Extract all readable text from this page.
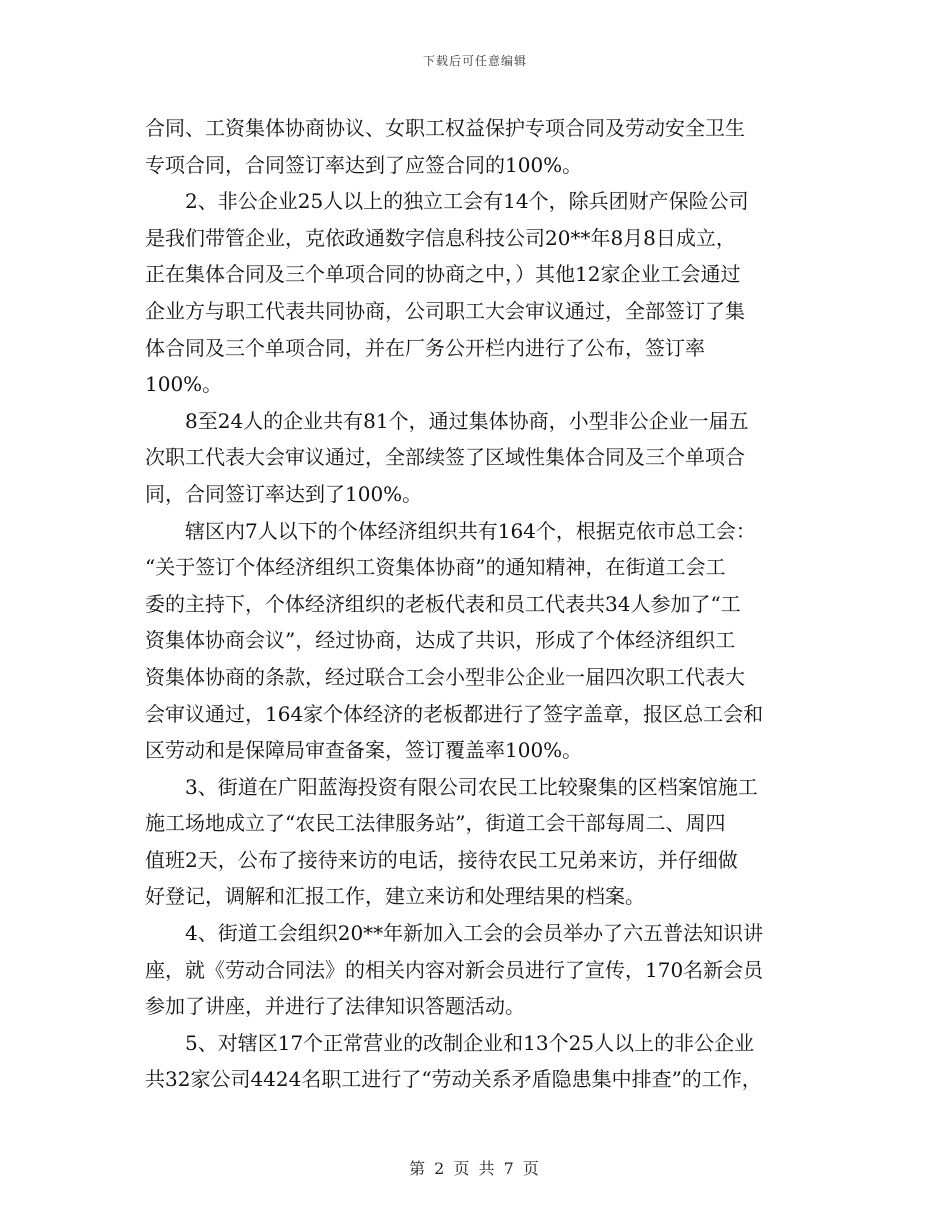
下载后可任意编辑
合同、工资集体协商协议、女职工权益保护专项合同及劳动安全卫生
专项合同，合同签订率达到了应签合同的100%。
2、非公企业25人以上的独立工会有14个，除兵团财产保险公司
是我们带管企业，克依政通数字信息科技公司20**年8月8日成立，
正在集体合同及三个单项合同的协商之中，）其他12家企业工会通过
企业方与职工代表共同协商，公司职工大会审议通过，全部签订了集
体合同及三个单项合同，并在厂务公开栏内进行了公布，签订率
100%。
8至24人的企业共有81个，通过集体协商，小型非公企业一届五
次职工代表大会审议通过，全部续签了区域性集体合同及三个单项合
同，合同签订率达到了100%。
辖区内7人以下的个体经济组织共有164个，根据克依市总工会：
“关于签订个体经济组织工资集体协商”的通知精神，在街道工会工
委的主持下，个体经济组织的老板代表和员工代表共34人参加了“工
资集体协商会议”，经过协商，达成了共识，形成了个体经济组织工
资集体协商的条款，经过联合工会小型非公企业一届四次职工代表大
会审议通过，164家个体经济的老板都进行了签字盖章，报区总工会和
区劳动和是保障局审查备案，签订覆盖率100%。
3、街道在广阳蓝海投资有限公司农民工比较聚集的区档案馆施工
施工场地成立了“农民工法律服务站”，街道工会干部每周二、周四
值班2天，公布了接待来访的电话，接待农民工兄弟来访，并仔细做
好登记，调解和汇报工作，建立来访和处理结果的档案。
4、街道工会组织20**年新加入工会的会员举办了六五普法知识讲
座，就《劳动合同法》的相关内容对新会员进行了宣传，170名新会员
参加了讲座，并进行了法律知识答题活动。
5、对辖区17个正常营业的改制企业和13个25人以上的非公企业
共32家公司4424名职工进行了“劳动关系矛盾隐患集中排查”的工作，
第 2 页 共 7 页
